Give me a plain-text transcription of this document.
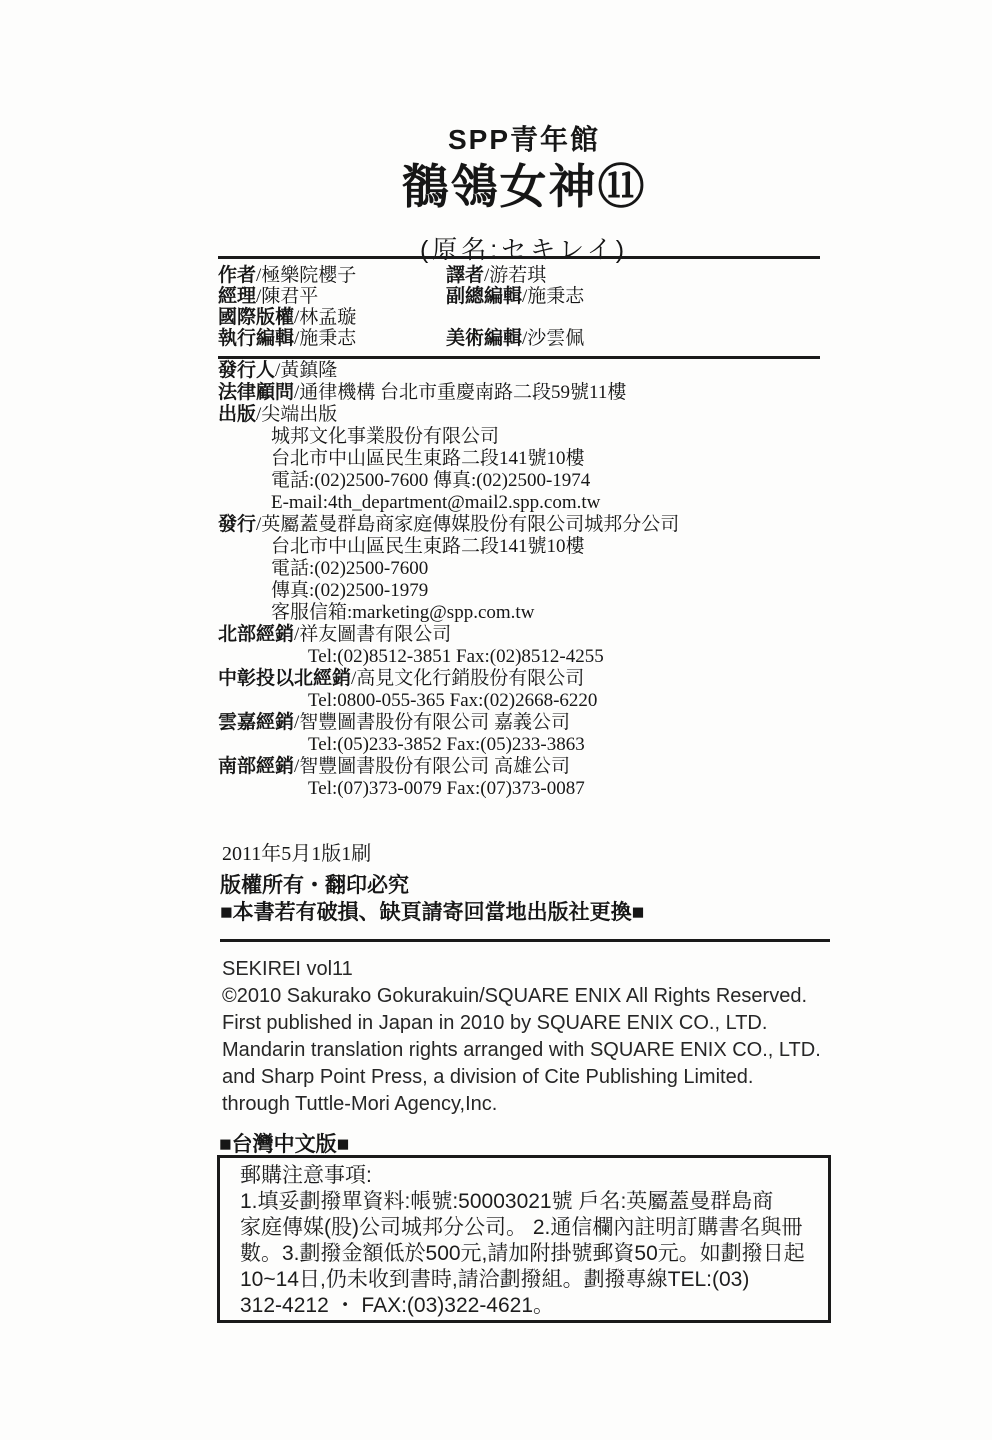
SPP青年館
鶺鴒女神⑪
(原名:セキレイ)
作者/極樂院櫻子	譯者/游若琪
經理/陳君平	副總編輯/施秉志
國際版權/林孟璇
執行編輯/施秉志	美術編輯/沙雲佩
發行人/黃鎮隆
法律顧問/通律機構 台北市重慶南路二段59號11樓
出版/尖端出版
城邦文化事業股份有限公司
台北市中山區民生東路二段141號10樓
電話:(02)2500-7600 傳真:(02)2500-1974
E-mail:4th_department@mail2.spp.com.tw
發行/英屬蓋曼群島商家庭傳媒股份有限公司城邦分公司
台北市中山區民生東路二段141號10樓
電話:(02)2500-7600
傳真:(02)2500-1979
客服信箱:marketing@spp.com.tw
北部經銷/祥友圖書有限公司
Tel:(02)8512-3851 Fax:(02)8512-4255
中彰投以北經銷/高見文化行銷股份有限公司
Tel:0800-055-365 Fax:(02)2668-6220
雲嘉經銷/智豐圖書股份有限公司 嘉義公司
Tel:(05)233-3852 Fax:(05)233-3863
南部經銷/智豐圖書股份有限公司 高雄公司
Tel:(07)373-0079 Fax:(07)373-0087
2011年5月1版1刷
版權所有・翻印必究
■本書若有破損、缺頁請寄回當地出版社更換■
SEKIREI vol11
©2010 Sakurako Gokurakuin/SQUARE ENIX All Rights Reserved.
First published in Japan in 2010 by SQUARE ENIX CO., LTD.
Mandarin translation rights arranged with SQUARE ENIX CO., LTD.
and Sharp Point Press, a division of Cite Publishing Limited.
through Tuttle-Mori Agency,Inc.
■台灣中文版■
郵購注意事項:
1.填妥劃撥單資料:帳號:50003021號 戶名:英屬蓋曼群島商
家庭傳媒(股)公司城邦分公司。 2.通信欄內註明訂購書名與冊
數。3.劃撥金額低於500元,請加附掛號郵資50元。如劃撥日起
10~14日,仍未收到書時,請洽劃撥組。劃撥專線TEL:(03)
312-4212 ・ FAX:(03)322-4621。
